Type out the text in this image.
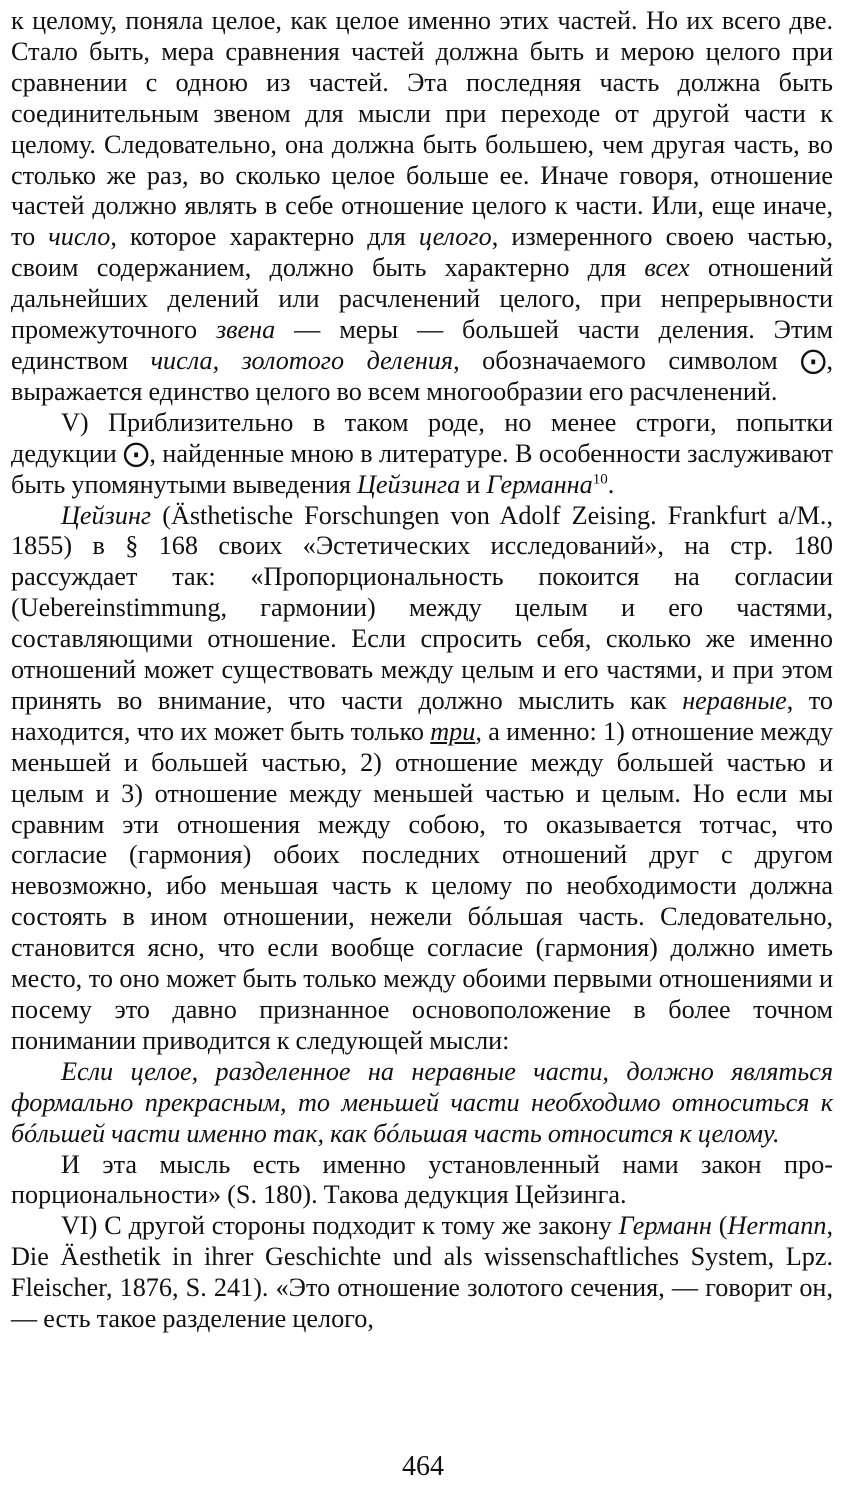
к целому, поняла целое, как целое именно этих частей. Но их всего две. Стало быть, мера сравнения частей должна быть и мерою целого при сравнении с одною из частей. Эта последняя часть должна быть соединительным звеном для мысли при переходе от другой части к целому. Следовательно, она должна быть большею, чем другая часть, во столько же раз, во сколько целое больше ее. Иначе говоря, отношение частей должно являть в себе отношение целого к части. Или, еще иначе, то число, которое характерно для целого, измеренного своею частью, своим содержанием, должно быть характерно для всех отношений дальнейших делений или расчленений целого, при непрерывности промежуточного звена — меры — большей части деления. Этим единством числа, золотого деления, обозначаемого символом ⨀, выражается единство целого во всем многообразии его расчленений.

V) Приблизительно в таком роде, но менее строги, попытки дедукции ⨀, найденные мною в литературе. В особенности заслуживают быть упомянутыми выведения Цейзинга и Германна$^{10}$.

Цейзинг (Ästhetische Forschungen von Adolf Zeising. Frankfurt a/M., 1855) в § 168 своих «Эстетических исследований», на стр. 180 рассуждает так: «Пропорциональность покоится на согласии (Uebereinstimmung, гармонии) между целым и его частями, составляющими отношение. Если спросить себя, сколько же именно отношений может существовать между целым и его частями, и при этом принять во внимание, что части должно мыслить как неравные, то находится, что их может быть только три, а именно: 1) отношение между меньшей и большей частью, 2) отношение между большей частью и целым и 3) отношение между меньшей частью и целым. Но если мы сравним эти отношения между собою, то оказывается тотчас, что согласие (гармония) обоих последних отношений друг с другом невозможно, ибо меньшая часть к целому по необходимости должна состоять в ином отношении, нежели бóльшая часть. Следовательно, становится ясно, что если вообще согласие (гармония) должно иметь место, то оно может быть только между обоими первыми отношениями и посему это давно признанное основоположение в более точном понимании приводится к следующей мысли:

Если целое, разделенное на неравные части, должно являться формально прекрасным, то меньшей части необходимо относиться к бóльшей части именно так, как бóльшая часть относится к целому.

И эта мысль есть именно установленный нами закон пропорциональности» (S. 180). Такова дедукция Цейзинга.

VI) С другой стороны подходит к тому же закону Германн (Hermann, Die Äesthetik in ihrer Geschichte und als wissenschaftliches System, Lpz. Fleischer, 1876, S. 241). «Это отношение золотого сечения, — говорит он, — есть такое разделение целого,

464
